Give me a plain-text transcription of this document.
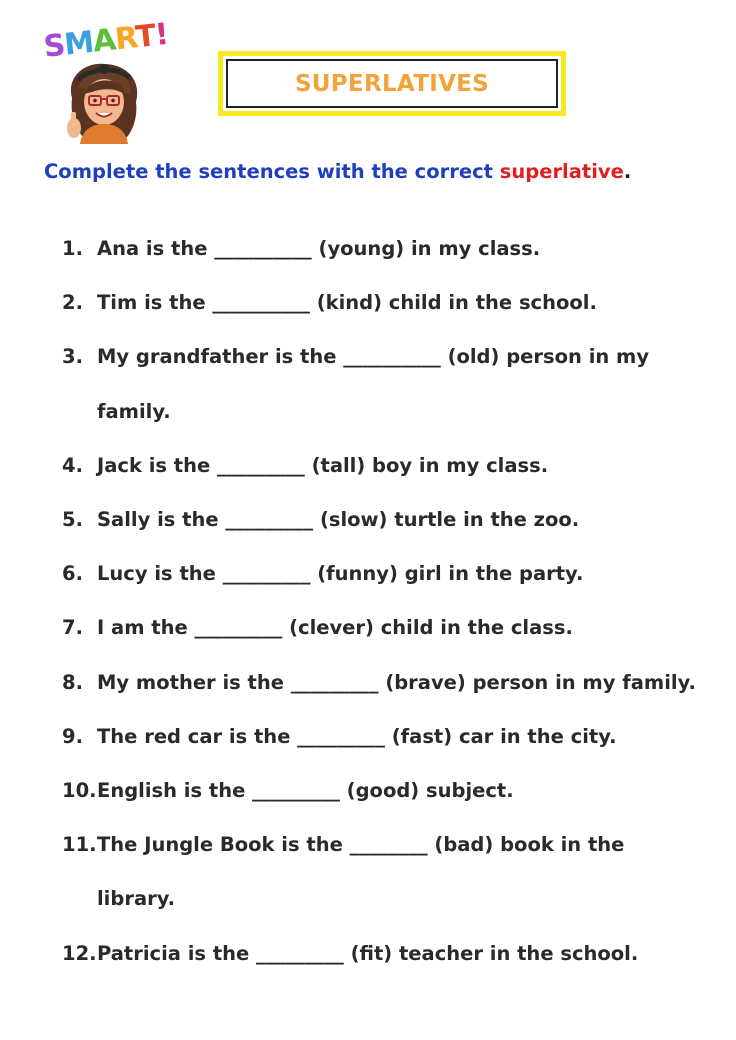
SMART!
SUPERLATIVES
Complete the sentences with the correct superlative.
1. Ana is the __________ (young) in my class.
2. Tim is the __________ (kind) child in the school.
3. My grandfather is the __________ (old) person in my family.
4. Jack is the _________ (tall) boy in my class.
5. Sally is the _________ (slow) turtle in the zoo.
6. Lucy is the _________ (funny) girl in the party.
7. I am the _________ (clever) child in the class.
8. My mother is the _________ (brave) person in my family.
9. The red car is the _________ (fast) car in the city.
10. English is the _________ (good) subject.
11. The Jungle Book is the ________ (bad) book in the library.
12. Patricia is the _________ (fit) teacher in the school.
